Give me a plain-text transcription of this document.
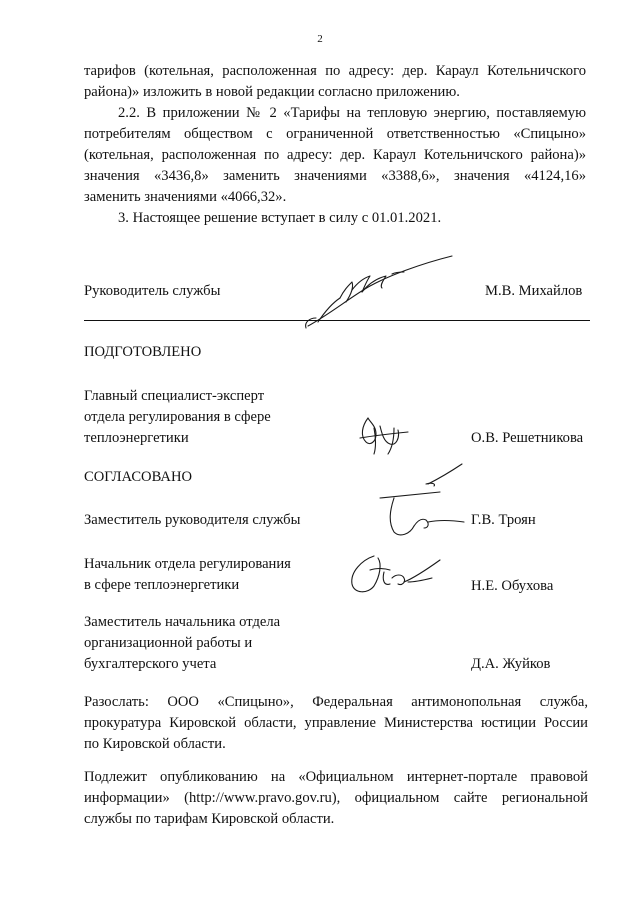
2
тарифов (котельная, расположенная по адресу: дер. Караул Котельничского
района)» изложить в новой редакции согласно приложению.
2.2. В приложении № 2 «Тарифы на тепловую энергию, поставляемую
потребителям обществом с ограниченной ответственностью «Спицыно»
(котельная, расположенная по адресу: дер. Караул Котельничского района)»
значения «3436,8» заменить значениями «3388,6», значения «4124,16»
заменить значениями «4066,32».
3. Настоящее решение вступает в силу с 01.01.2021.
Руководитель службы	М.В. Михайлов
ПОДГОТОВЛЕНО
Главный специалист-эксперт
отдела регулирования в сфере
теплоэнергетики	О.В. Решетникова
СОГЛАСОВАНО
Заместитель руководителя службы	Г.В. Троян
Начальник отдела регулирования
в сфере теплоэнергетики	Н.Е. Обухова
Заместитель начальника отдела
организационной работы и
бухгалтерского учета	Д.А. Жуйков
Разослать: ООО «Спицыно», Федеральная антимонопольная служба,
прокуратура Кировской области, управление Министерства юстиции России
по Кировской области.
Подлежит опубликованию на «Официальном интернет-портале правовой
информации» (http://www.pravo.gov.ru), официальном сайте региональной
службы по тарифам Кировской области.
